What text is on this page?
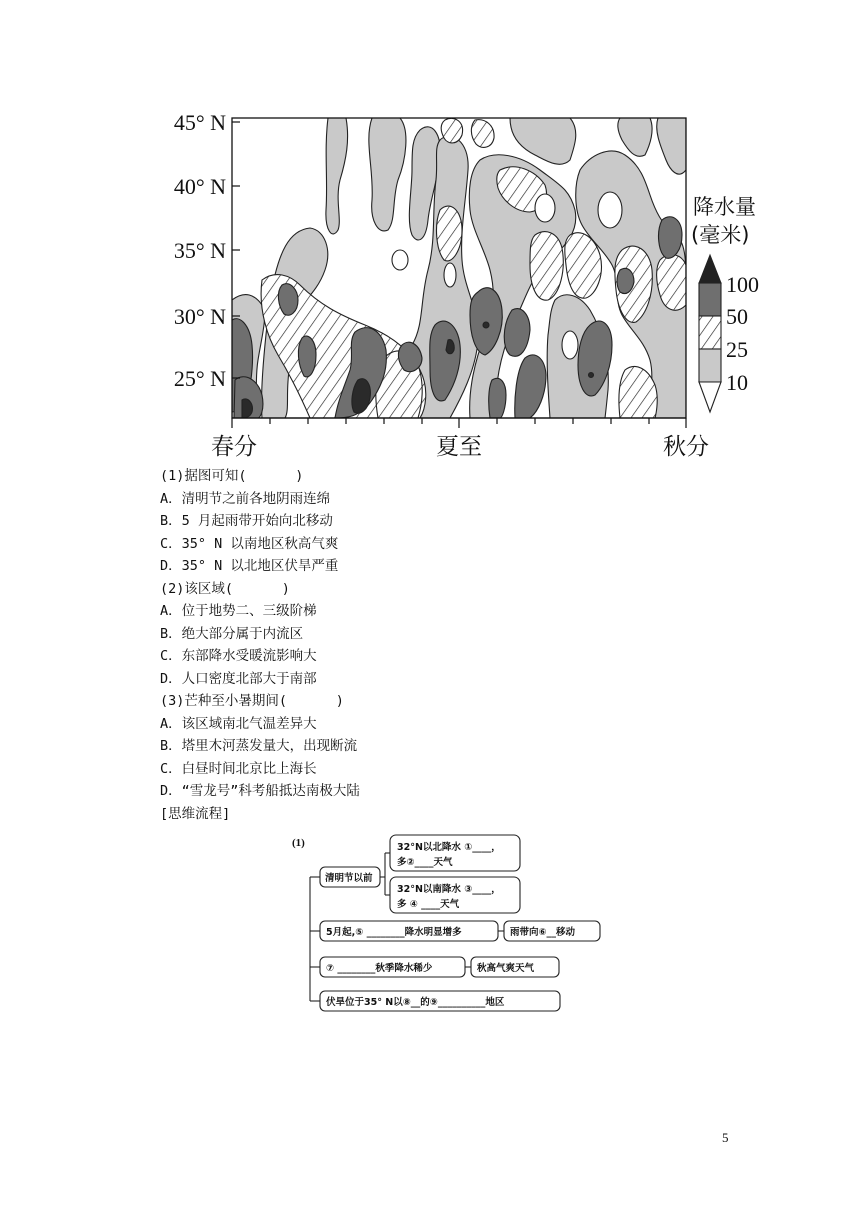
45° N
40° N
35° N
30° N
25° N
春分	夏至	秋分
降水量
(毫米)
100
50
25
10
(1)据图可知(      )
A．清明节之前各地阴雨连绵
B．5 月起雨带开始向北移动
C．35° N 以南地区秋高气爽
D．35° N 以北地区伏旱严重
(2)该区域(      )
A．位于地势二、三级阶梯
B．绝大部分属于内流区
C．东部降水受暖流影响大
D．人口密度北部大于南部
(3)芒种至小暑期间(      )
A．该区域南北气温差异大
B．塔里木河蒸发量大，出现断流
C．白昼时间北京比上海长
D．“雪龙号”科考船抵达南极大陆
[思维流程]
(1)
清明节以前
32°N以北降水 ①____，
多②____天气
32°N以南降水 ③____，
多 ④ ____天气
5月起,⑤ ________降水明显增多	雨带向⑥__移动
⑦ ________秋季降水稀少	秋高气爽天气
伏旱位于35° N以⑧__的⑨__________地区
5
